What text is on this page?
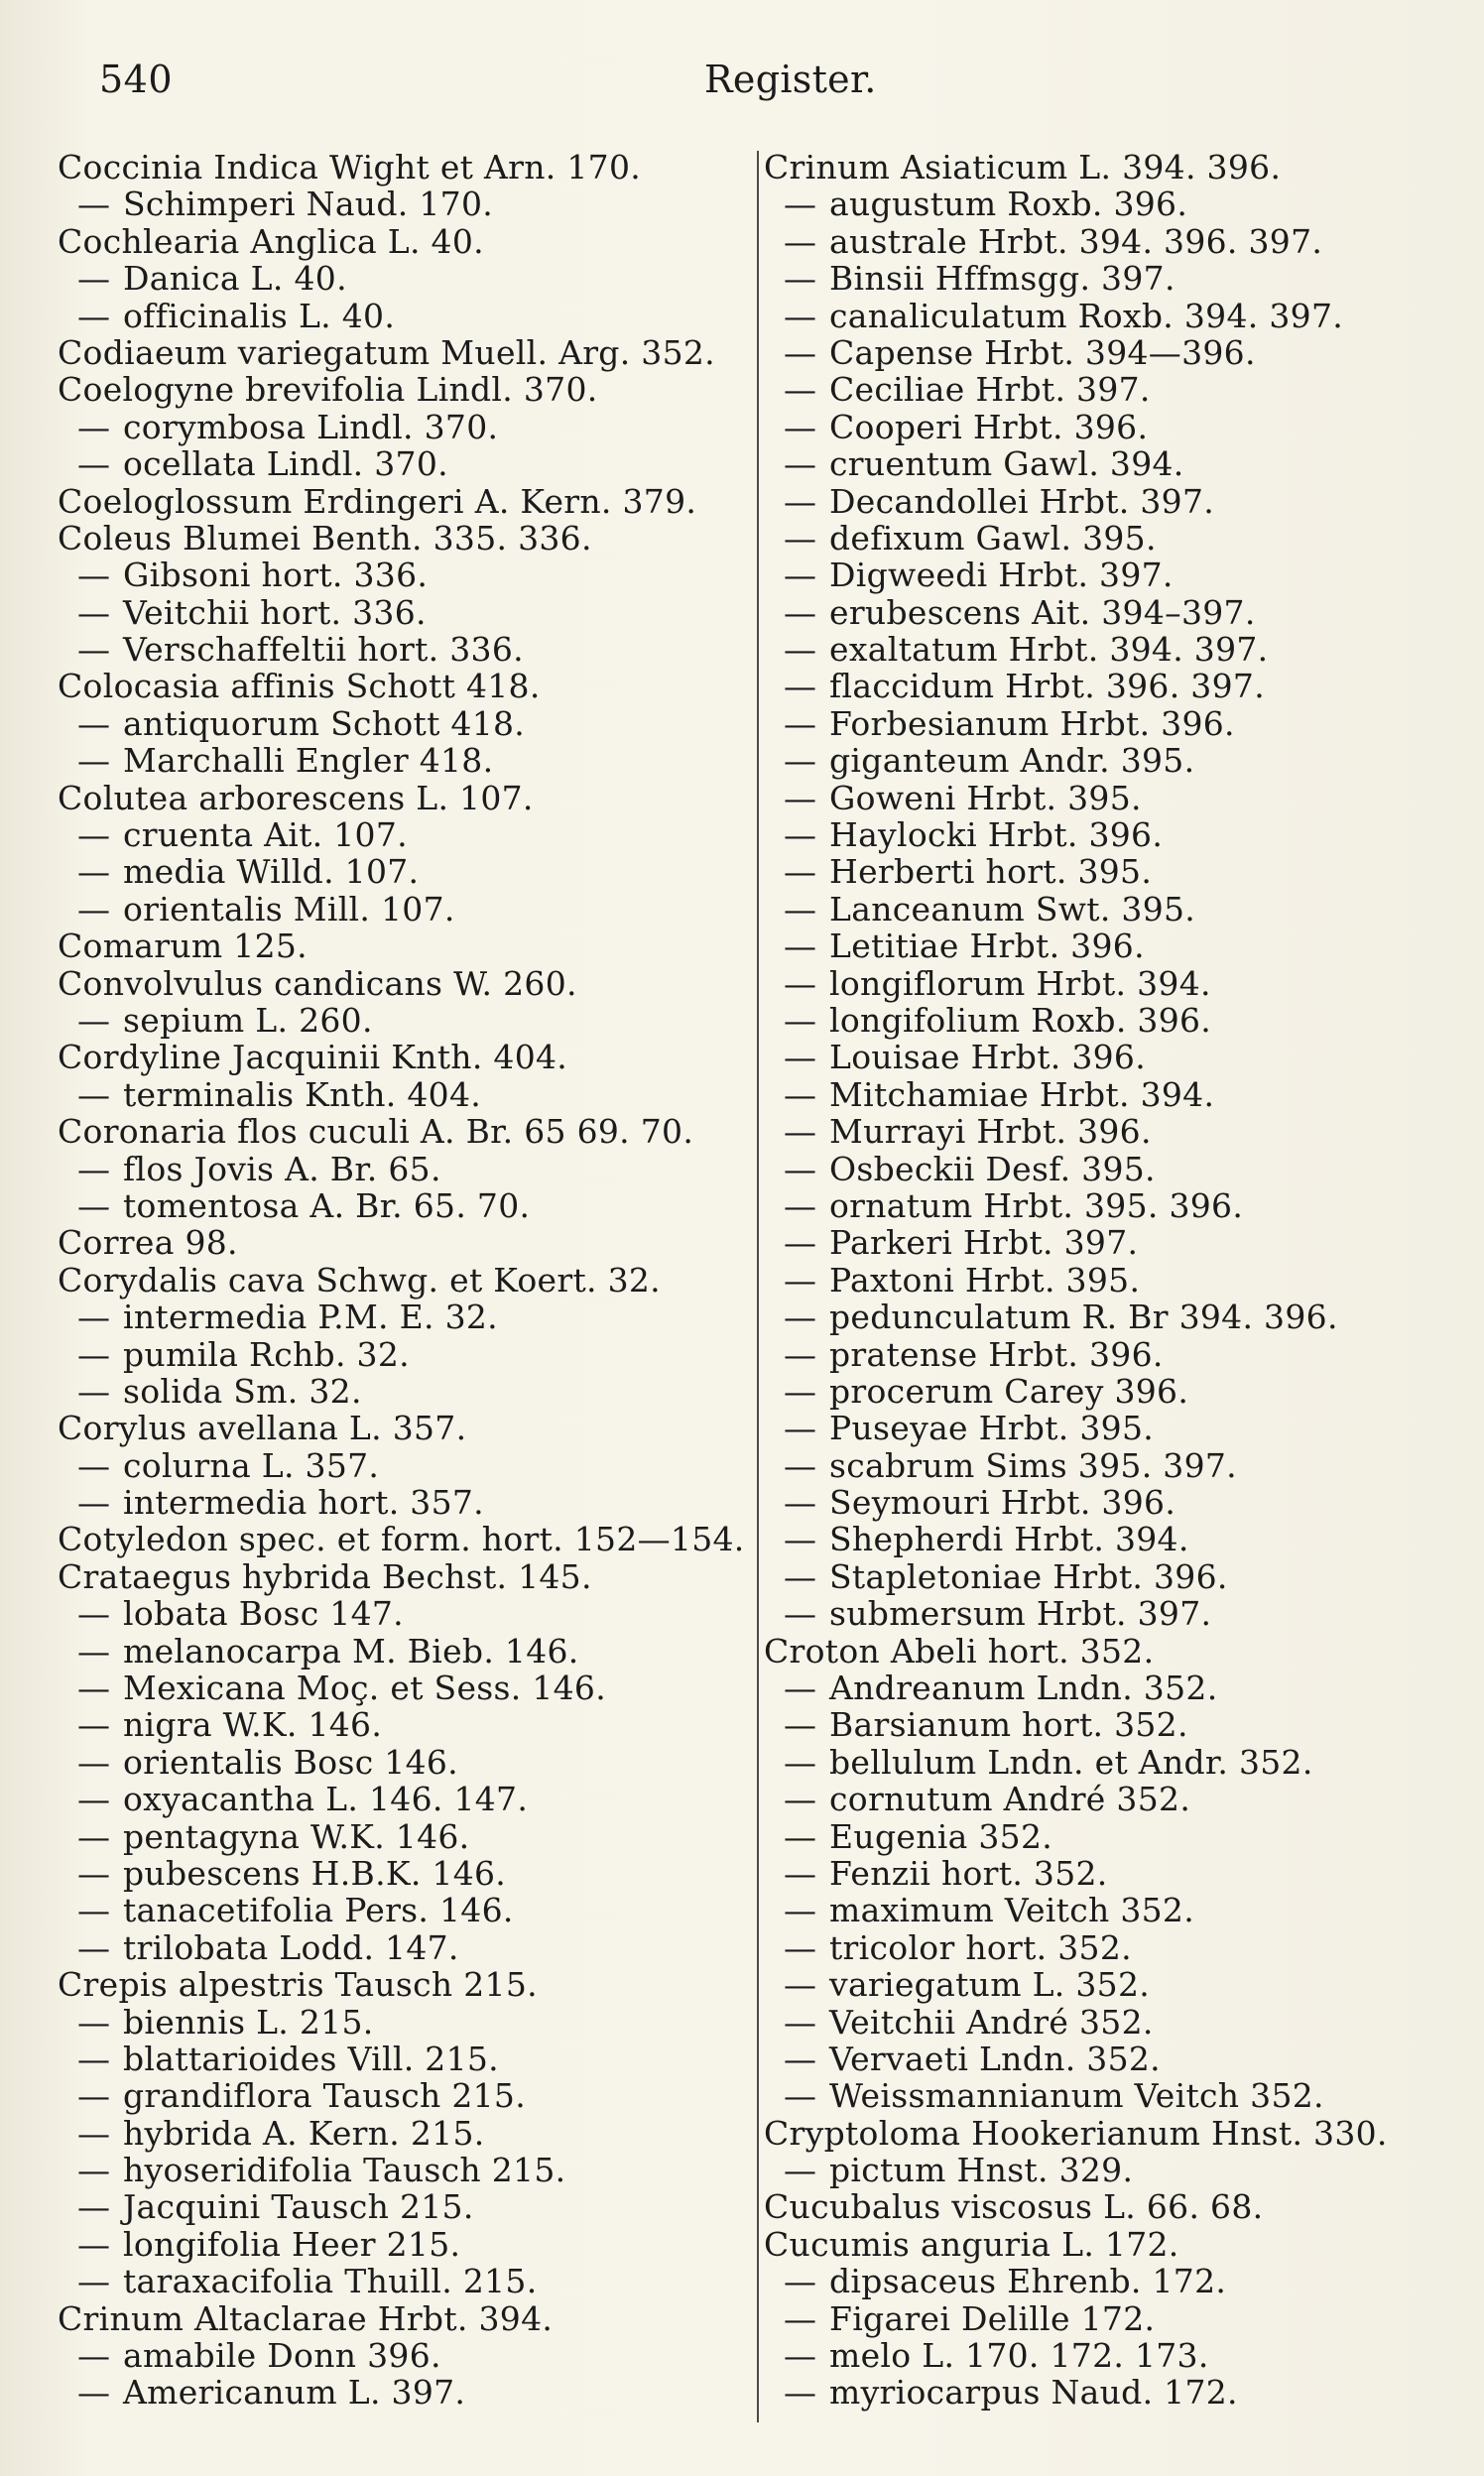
540	Register.
Coccinia Indica Wight et Arn. 170.
— Schimperi Naud. 170.
Cochlearia Anglica L. 40.
— Danica L. 40.
— officinalis L. 40.
Codiaeum variegatum Muell. Arg. 352.
Coelogyne brevifolia Lindl. 370.
— corymbosa Lindl. 370.
— ocellata Lindl. 370.
Coeloglossum Erdingeri A. Kern. 379.
Coleus Blumei Benth. 335. 336.
— Gibsoni hort. 336.
— Veitchii hort. 336.
— Verschaffeltii hort. 336.
Colocasia affinis Schott 418.
— antiquorum Schott 418.
— Marchalli Engler 418.
Colutea arborescens L. 107.
— cruenta Ait. 107.
— media Willd. 107.
— orientalis Mill. 107.
Comarum 125.
Convolvulus candicans W. 260.
— sepium L. 260.
Cordyline Jacquinii Knth. 404.
— terminalis Knth. 404.
Coronaria flos cuculi A. Br. 65 69. 70.
— flos Jovis A. Br. 65.
— tomentosa A. Br. 65. 70.
Correa 98.
Corydalis cava Schwg. et Koert. 32.
— intermedia P.M. E. 32.
— pumila Rchb. 32.
— solida Sm. 32.
Corylus avellana L. 357.
— colurna L. 357.
— intermedia hort. 357.
Cotyledon spec. et form. hort. 152—154.
Crataegus hybrida Bechst. 145.
— lobata Bosc 147.
— melanocarpa M. Bieb. 146.
— Mexicana Moç. et Sess. 146.
— nigra W.K. 146.
— orientalis Bosc 146.
— oxyacantha L. 146. 147.
— pentagyna W.K. 146.
— pubescens H.B.K. 146.
— tanacetifolia Pers. 146.
— trilobata Lodd. 147.
Crepis alpestris Tausch 215.
— biennis L. 215.
— blattarioides Vill. 215.
— grandiflora Tausch 215.
— hybrida A. Kern. 215.
— hyoseridifolia Tausch 215.
— Jacquini Tausch 215.
— longifolia Heer 215.
— taraxacifolia Thuill. 215.
Crinum Altaclarae Hrbt. 394.
— amabile Donn 396.
— Americanum L. 397.
Crinum Asiaticum L. 394. 396.
— augustum Roxb. 396.
— australe Hrbt. 394. 396. 397.
— Binsii Hffmsgg. 397.
— canaliculatum Roxb. 394. 397.
— Capense Hrbt. 394—396.
— Ceciliae Hrbt. 397.
— Cooperi Hrbt. 396.
— cruentum Gawl. 394.
— Decandollei Hrbt. 397.
— defixum Gawl. 395.
— Digweedi Hrbt. 397.
— erubescens Ait. 394–397.
— exaltatum Hrbt. 394. 397.
— flaccidum Hrbt. 396. 397.
— Forbesianum Hrbt. 396.
— giganteum Andr. 395.
— Goweni Hrbt. 395.
— Haylocki Hrbt. 396.
— Herberti hort. 395.
— Lanceanum Swt. 395.
— Letitiae Hrbt. 396.
— longiflorum Hrbt. 394.
— longifolium Roxb. 396.
— Louisae Hrbt. 396.
— Mitchamiae Hrbt. 394.
— Murrayi Hrbt. 396.
— Osbeckii Desf. 395.
— ornatum Hrbt. 395. 396.
— Parkeri Hrbt. 397.
— Paxtoni Hrbt. 395.
— pedunculatum R. Br 394. 396.
— pratense Hrbt. 396.
— procerum Carey 396.
— Puseyae Hrbt. 395.
— scabrum Sims 395. 397.
— Seymouri Hrbt. 396.
— Shepherdi Hrbt. 394.
— Stapletoniae Hrbt. 396.
— submersum Hrbt. 397.
Croton Abeli hort. 352.
— Andreanum Lndn. 352.
— Barsianum hort. 352.
— bellulum Lndn. et Andr. 352.
— cornutum André 352.
— Eugenia 352.
— Fenzii hort. 352.
— maximum Veitch 352.
— tricolor hort. 352.
— variegatum L. 352.
— Veitchii André 352.
— Vervaeti Lndn. 352.
— Weissmannianum Veitch 352.
Cryptoloma Hookerianum Hnst. 330.
— pictum Hnst. 329.
Cucubalus viscosus L. 66. 68.
Cucumis anguria L. 172.
— dipsaceus Ehrenb. 172.
— Figarei Delille 172.
— melo L. 170. 172. 173.
— myriocarpus Naud. 172.
